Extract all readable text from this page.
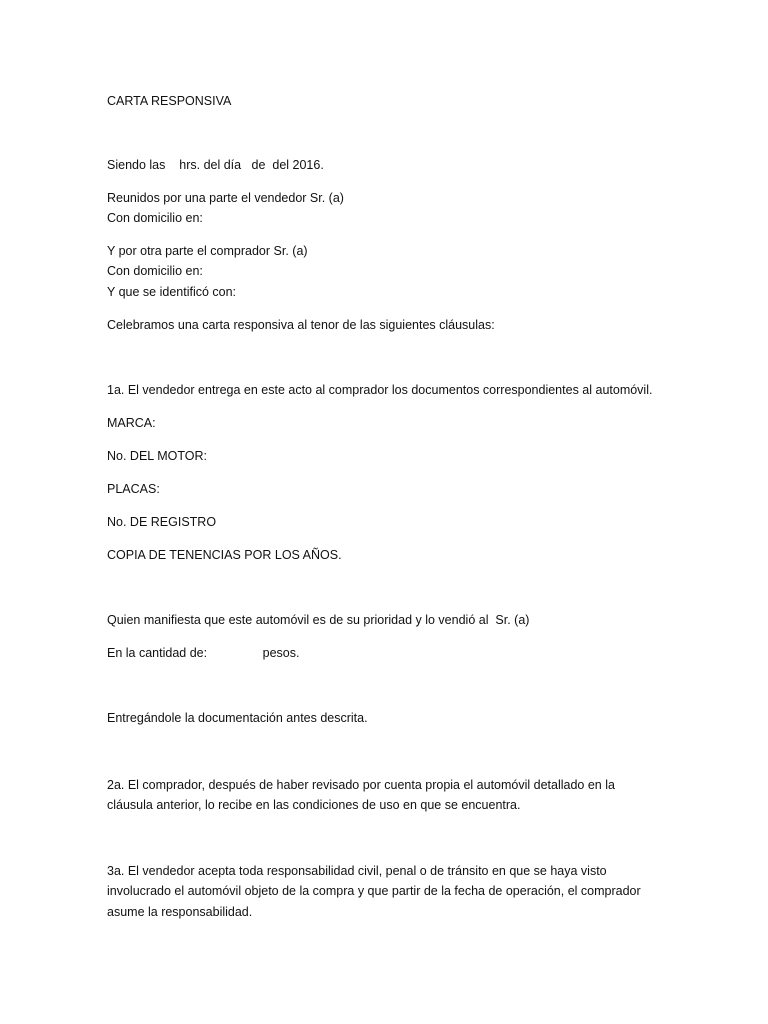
CARTA RESPONSIVA

Siendo las    hrs. del día   de  del 2016.

Reunidos por una parte el vendedor Sr. (a)

Con domicilio en:

Y por otra parte el comprador Sr. (a)

Con domicilio en:

Y que se identificó con:

Celebramos una carta responsiva al tenor de las siguientes cláusulas:

1a. El vendedor entrega en este acto al comprador los documentos correspondientes al automóvil.

MARCA:

No. DEL MOTOR:

PLACAS:

No. DE REGISTRO

COPIA DE TENENCIAS POR LOS AÑOS.

Quien manifiesta que este automóvil es de su prioridad y lo vendió al  Sr. (a)

En la cantidad de:                pesos.

Entregándole la documentación antes descrita.

2a. El comprador, después de haber revisado por cuenta propia el automóvil detallado en la

cláusula anterior, lo recibe en las condiciones de uso en que se encuentra.

3a. El vendedor acepta toda responsabilidad civil, penal o de tránsito en que se haya visto

involucrado el automóvil objeto de la compra y que partir de la fecha de operación, el comprador

asume la responsabilidad.
